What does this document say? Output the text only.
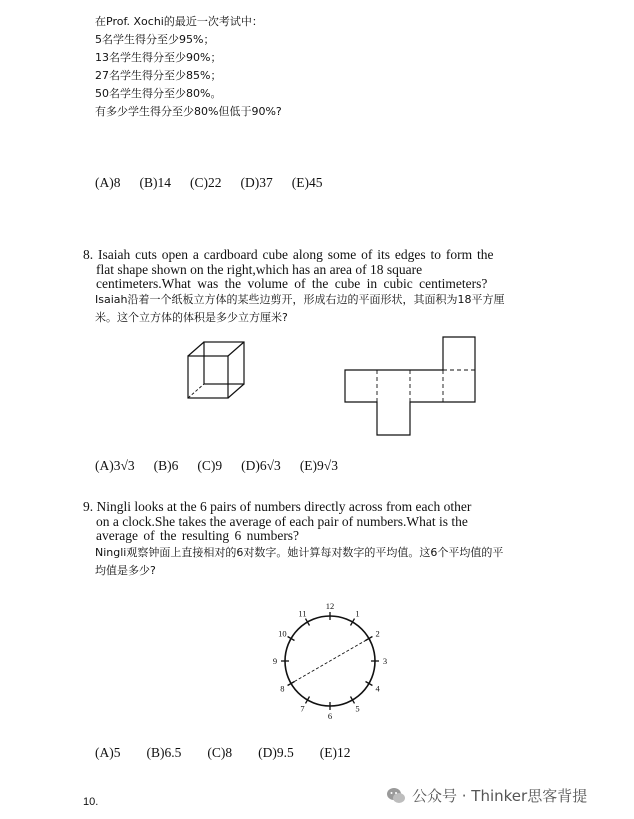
在Prof. Xochi的最近一次考试中：
5名学生得分至少95%；
13名学生得分至少90%；
27名学生得分至少85%；
50名学生得分至少80%。
有多少学生得分至少80%但低于90%?
(A)8 (B)14 (C)22 (D)37 (E)45
8. Isaiah cuts open a cardboard cube along some of its edges to form the
flat shape shown on the right,which has an area of 18 square
centimeters.What was the volume of the cube in cubic centimeters?
Isaiah沿着一个纸板立方体的某些边剪开，形成右边的平面形状，其面积为18平方厘
米。这个立方体的体积是多少立方厘米?
(A)3√3 (B)6 (C)9 (D)6√3 (E)9√3
9. Ningli looks at the 6 pairs of numbers directly across from each other
on a clock.She takes the average of each pair of numbers.What is the
average of the resulting 6 numbers?
Ningli观察钟面上直接相对的6对数字。她计算每对数字的平均值。这6个平均值的平
均值是多少?
12
1
2
3
4
5
6
7
8
9
10
11
(A)5 (B)6.5 (C)8 (D)9.5 (E)12
10.	公众号 · Thinker思客背提
